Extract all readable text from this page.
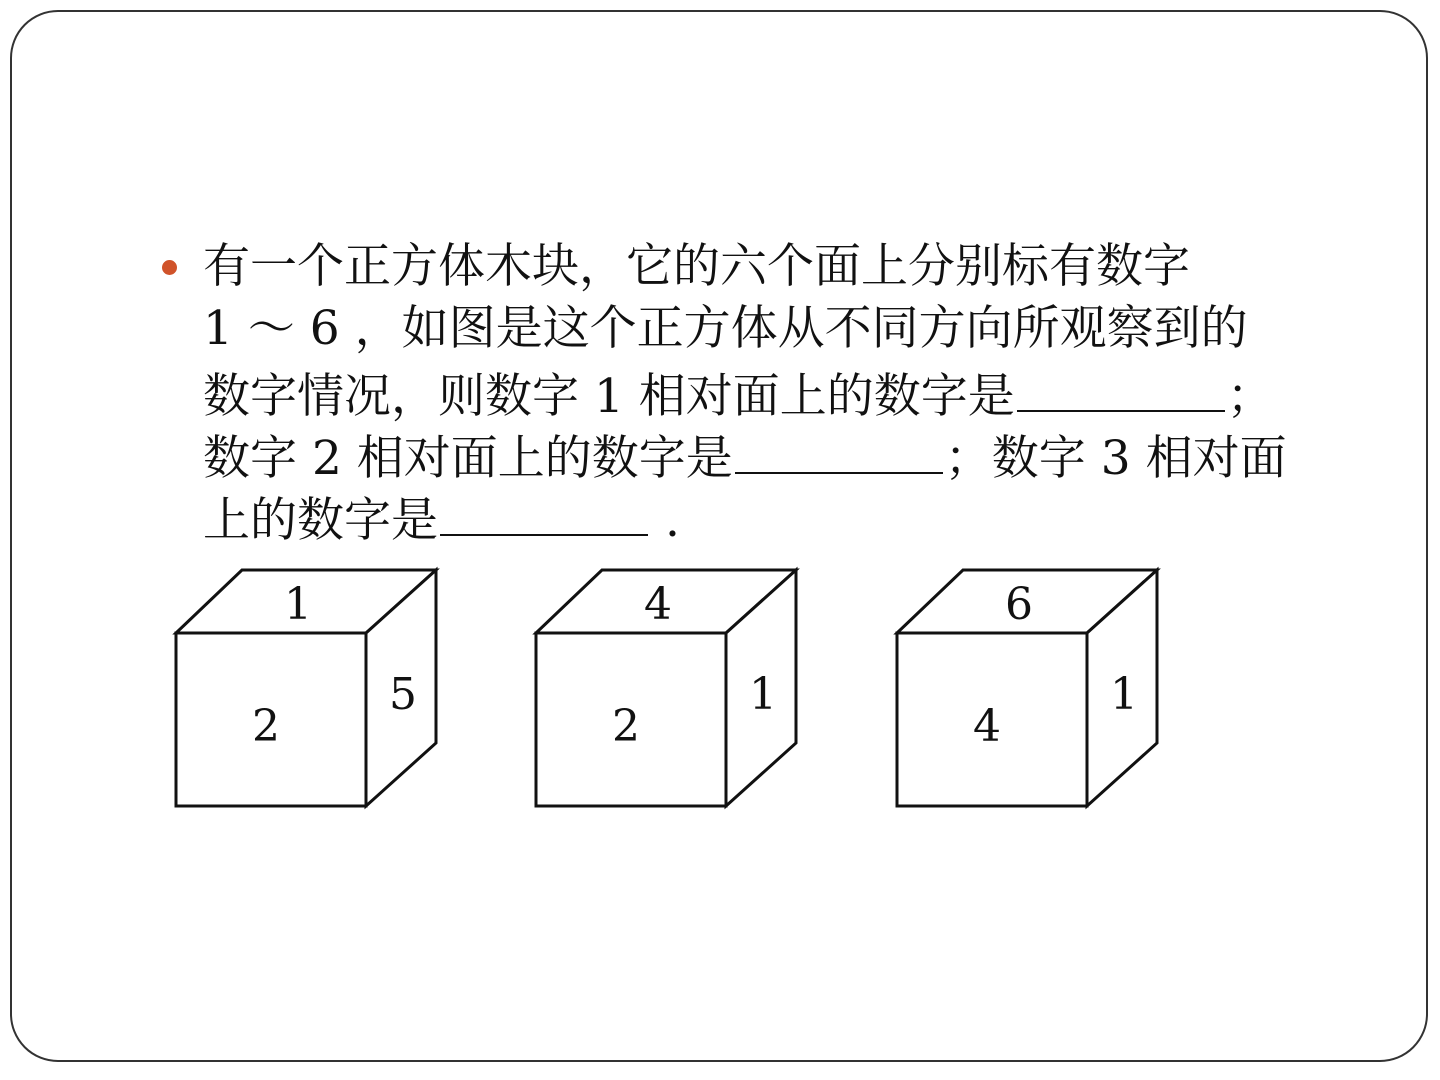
有一个正方体木块，它的六个面上分别标有数字
1 ～ 6 ，如图是这个正方体从不同方向所观察到的
数字情况，则数字 1 相对面上的数字是	；
数字 2 相对面上的数字是	；数字 3 相对面
上的数字是	.

1
2
5
4
2
1
6
4
1
